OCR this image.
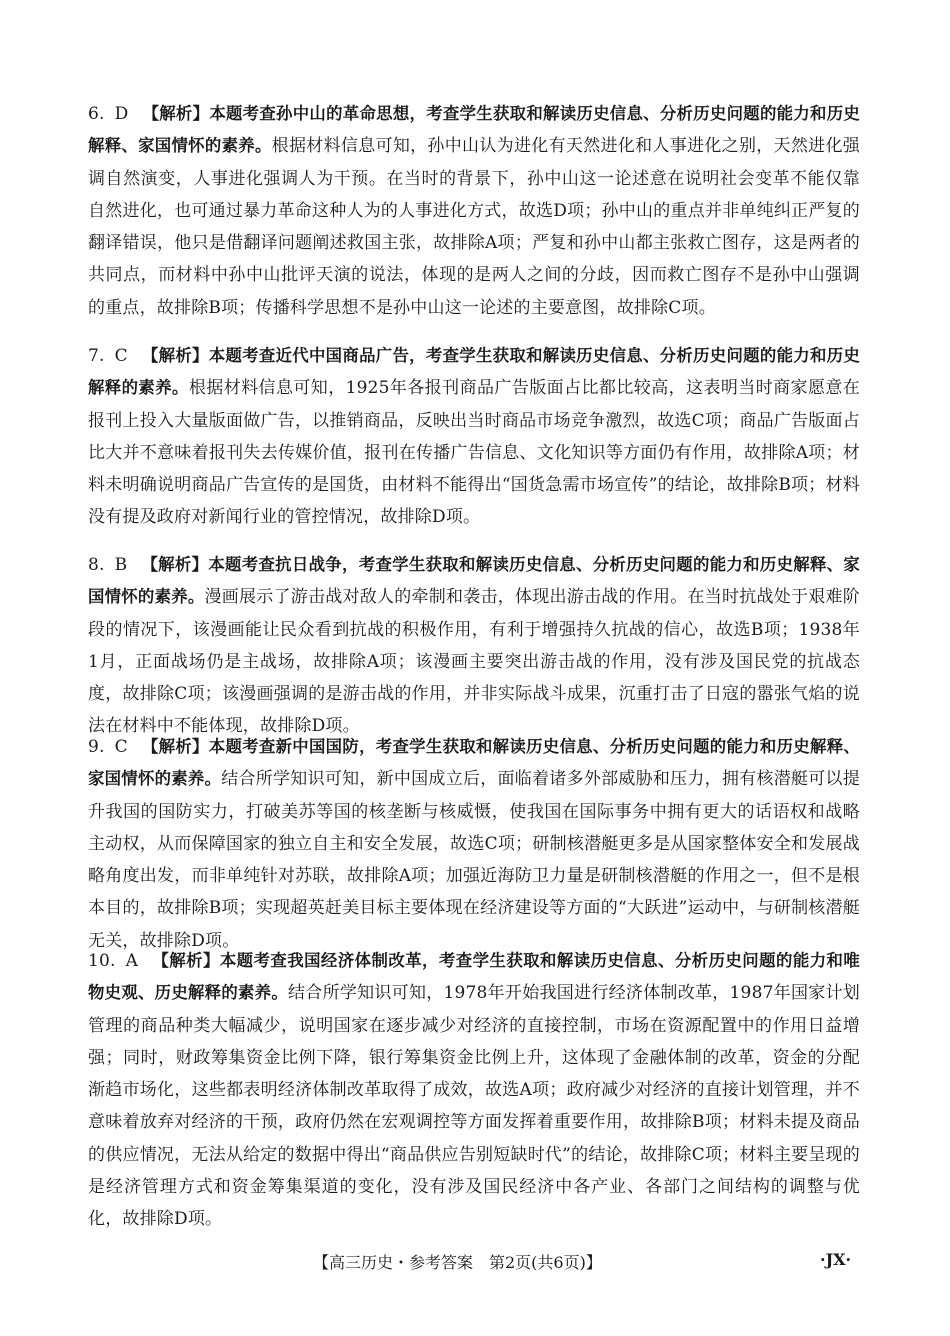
6. D 【解析】本题考查孙中山的革命思想，考查学生获取和解读历史信息、分析历史问题的能力和历史解释、家国情怀的素养。根据材料信息可知，孙中山认为进化有天然进化和人事进化之别，天然进化强调自然演变，人事进化强调人为干预。在当时的背景下，孙中山这一论述意在说明社会变革不能仅靠自然进化，也可通过暴力革命这种人为的人事进化方式，故选D项；孙中山的重点并非单纯纠正严复的翻译错误，他只是借翻译问题阐述救国主张，故排除A项；严复和孙中山都主张救亡图存，这是两者的共同点，而材料中孙中山批评天演的说法，体现的是两人之间的分歧，因而救亡图存不是孙中山强调的重点，故排除B项；传播科学思想不是孙中山这一论述的主要意图，故排除C项。
7. C 【解析】本题考查近代中国商品广告，考查学生获取和解读历史信息、分析历史问题的能力和历史解释的素养。根据材料信息可知，1925年各报刊商品广告版面占比都比较高，这表明当时商家愿意在报刊上投入大量版面做广告，以推销商品，反映出当时商品市场竞争激烈，故选C项；商品广告版面占比大并不意味着报刊失去传媒价值，报刊在传播广告信息、文化知识等方面仍有作用，故排除A项；材料未明确说明商品广告宣传的是国货，由材料不能得出“国货急需市场宣传”的结论，故排除B项；材料没有提及政府对新闻行业的管控情况，故排除D项。
8. B 【解析】本题考查抗日战争，考查学生获取和解读历史信息、分析历史问题的能力和历史解释、家国情怀的素养。漫画展示了游击战对敌人的牵制和袭击，体现出游击战的作用。在当时抗战处于艰难阶段的情况下，该漫画能让民众看到抗战的积极作用，有利于增强持久抗战的信心，故选B项；1938年1月，正面战场仍是主战场，故排除A项；该漫画主要突出游击战的作用，没有涉及国民党的抗战态度，故排除C项；该漫画强调的是游击战的作用，并非实际战斗成果，沉重打击了日寇的嚣张气焰的说法在材料中不能体现，故排除D项。
9. C 【解析】本题考查新中国国防，考查学生获取和解读历史信息、分析历史问题的能力和历史解释、家国情怀的素养。结合所学知识可知，新中国成立后，面临着诸多外部威胁和压力，拥有核潜艇可以提升我国的国防实力，打破美苏等国的核垄断与核威慑，使我国在国际事务中拥有更大的话语权和战略主动权，从而保障国家的独立自主和安全发展，故选C项；研制核潜艇更多是从国家整体安全和发展战略角度出发，而非单纯针对苏联，故排除A项；加强近海防卫力量是研制核潜艇的作用之一，但不是根本目的，故排除B项；实现超英赶美目标主要体现在经济建设等方面的“大跃进”运动中，与研制核潜艇无关，故排除D项。
10. A 【解析】本题考查我国经济体制改革，考查学生获取和解读历史信息、分析历史问题的能力和唯物史观、历史解释的素养。结合所学知识可知，1978年开始我国进行经济体制改革，1987年国家计划管理的商品种类大幅减少，说明国家在逐步减少对经济的直接控制，市场在资源配置中的作用日益增强；同时，财政筹集资金比例下降，银行筹集资金比例上升，这体现了金融体制的改革，资金的分配渐趋市场化，这些都表明经济体制改革取得了成效，故选A项；政府减少对经济的直接计划管理，并不意味着放弃对经济的干预，政府仍然在宏观调控等方面发挥着重要作用，故排除B项；材料未提及商品的供应情况，无法从给定的数据中得出“商品供应告别短缺时代”的结论，故排除C项；材料主要呈现的是经济管理方式和资金筹集渠道的变化，没有涉及国民经济中各产业、各部门之间结构的调整与优化，故排除D项。
【高三历史・参考答案　第2页(共6页)】	·JX·
